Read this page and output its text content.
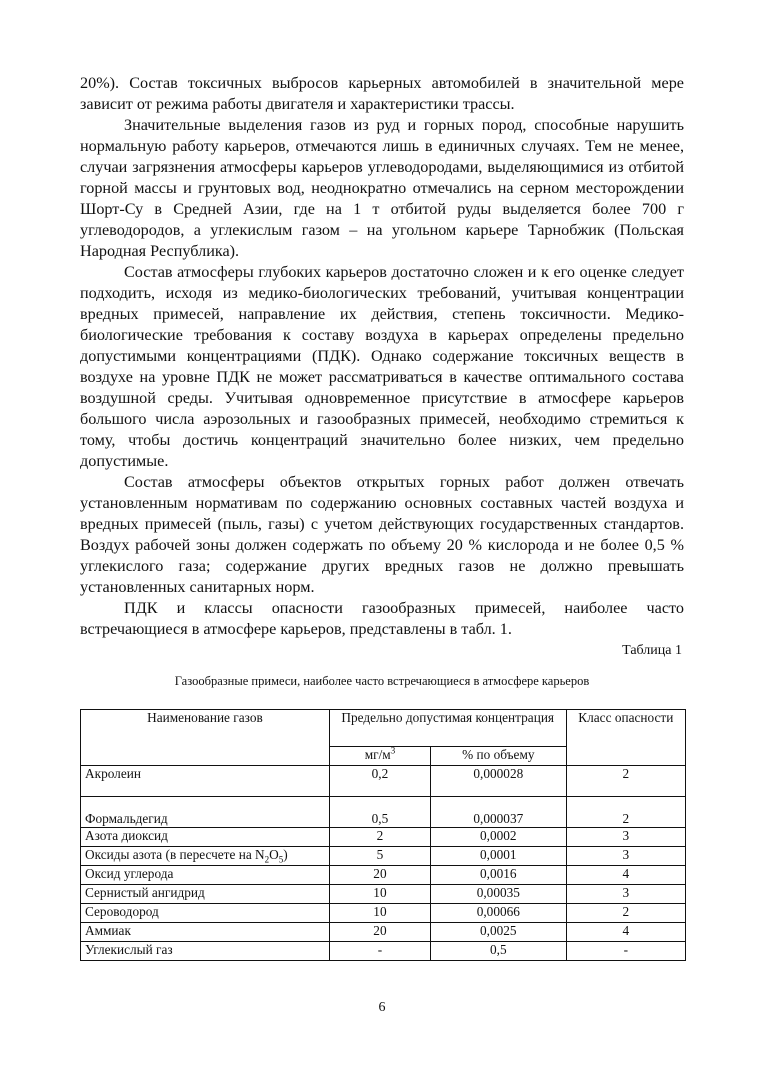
20%). Состав токсичных выбросов карьерных автомобилей в значительной мере зависит от режима работы двигателя и характеристики трассы.

Значительные выделения газов из руд и горных пород, способные нарушить нормальную работу карьеров, отмечаются лишь в единичных случаях. Тем не менее, случаи загрязнения атмосферы карьеров углеводородами, выделяющимися из отбитой горной массы и грунтовых вод, неоднократно отмечались на серном месторождении Шорт-Су в Средней Азии, где на 1 т отбитой руды выделяется более 700 г углеводородов, а углекислым газом – на угольном карьере Тарнобжик (Польская Народная Республика).

Состав атмосферы глубоких карьеров достаточно сложен и к его оценке следует подходить, исходя из медико-биологических требований, учитывая концентрации вредных примесей, направление их действия, степень токсичности. Медико-биологические требования к составу воздуха в карьерах определены предельно допустимыми концентрациями (ПДК). Однако содержание токсичных веществ в воздухе на уровне ПДК не может рассматриваться в качестве оптимального состава воздушной среды. Учитывая одновременное присутствие в атмосфере карьеров большого числа аэрозольных и газообразных примесей, необходимо стремиться к тому, чтобы достичь концентраций значительно более низких, чем предельно допустимые.

Состав атмосферы объектов открытых горных работ должен отвечать установленным нормативам по содержанию основных составных частей воздуха и вредных примесей (пыль, газы) с учетом действующих государственных стандартов. Воздух рабочей зоны должен содержать по объему 20 % кислорода и не более 0,5 % углекислого газа; содержание других вредных газов не должно превышать установленных санитарных норм.

ПДК и классы опасности газообразных примесей, наиболее часто встречающиеся в атмосфере карьеров, представлены в табл. 1.

Таблица 1

Газообразные примеси, наиболее часто встречающиеся в атмосфере карьеров

Наименование газов	Предельно допустимая концентрация		Класс опасности
	$мг/м^3$	% по объему	
Акролеин	0,2	0,000028	2
Формальдегид	0,5	0,000037	2
Азота диоксид	2	0,0002	3
Оксиды азота (в пересчете на $N_2O_5$)	5	0,0001	3
Оксид углерода	20	0,0016	4
Сернистый ангидрид	10	0,00035	3
Сероводород	10	0,00066	2
Аммиак	20	0,0025	4
Углекислый газ	-	0,5	-
6
